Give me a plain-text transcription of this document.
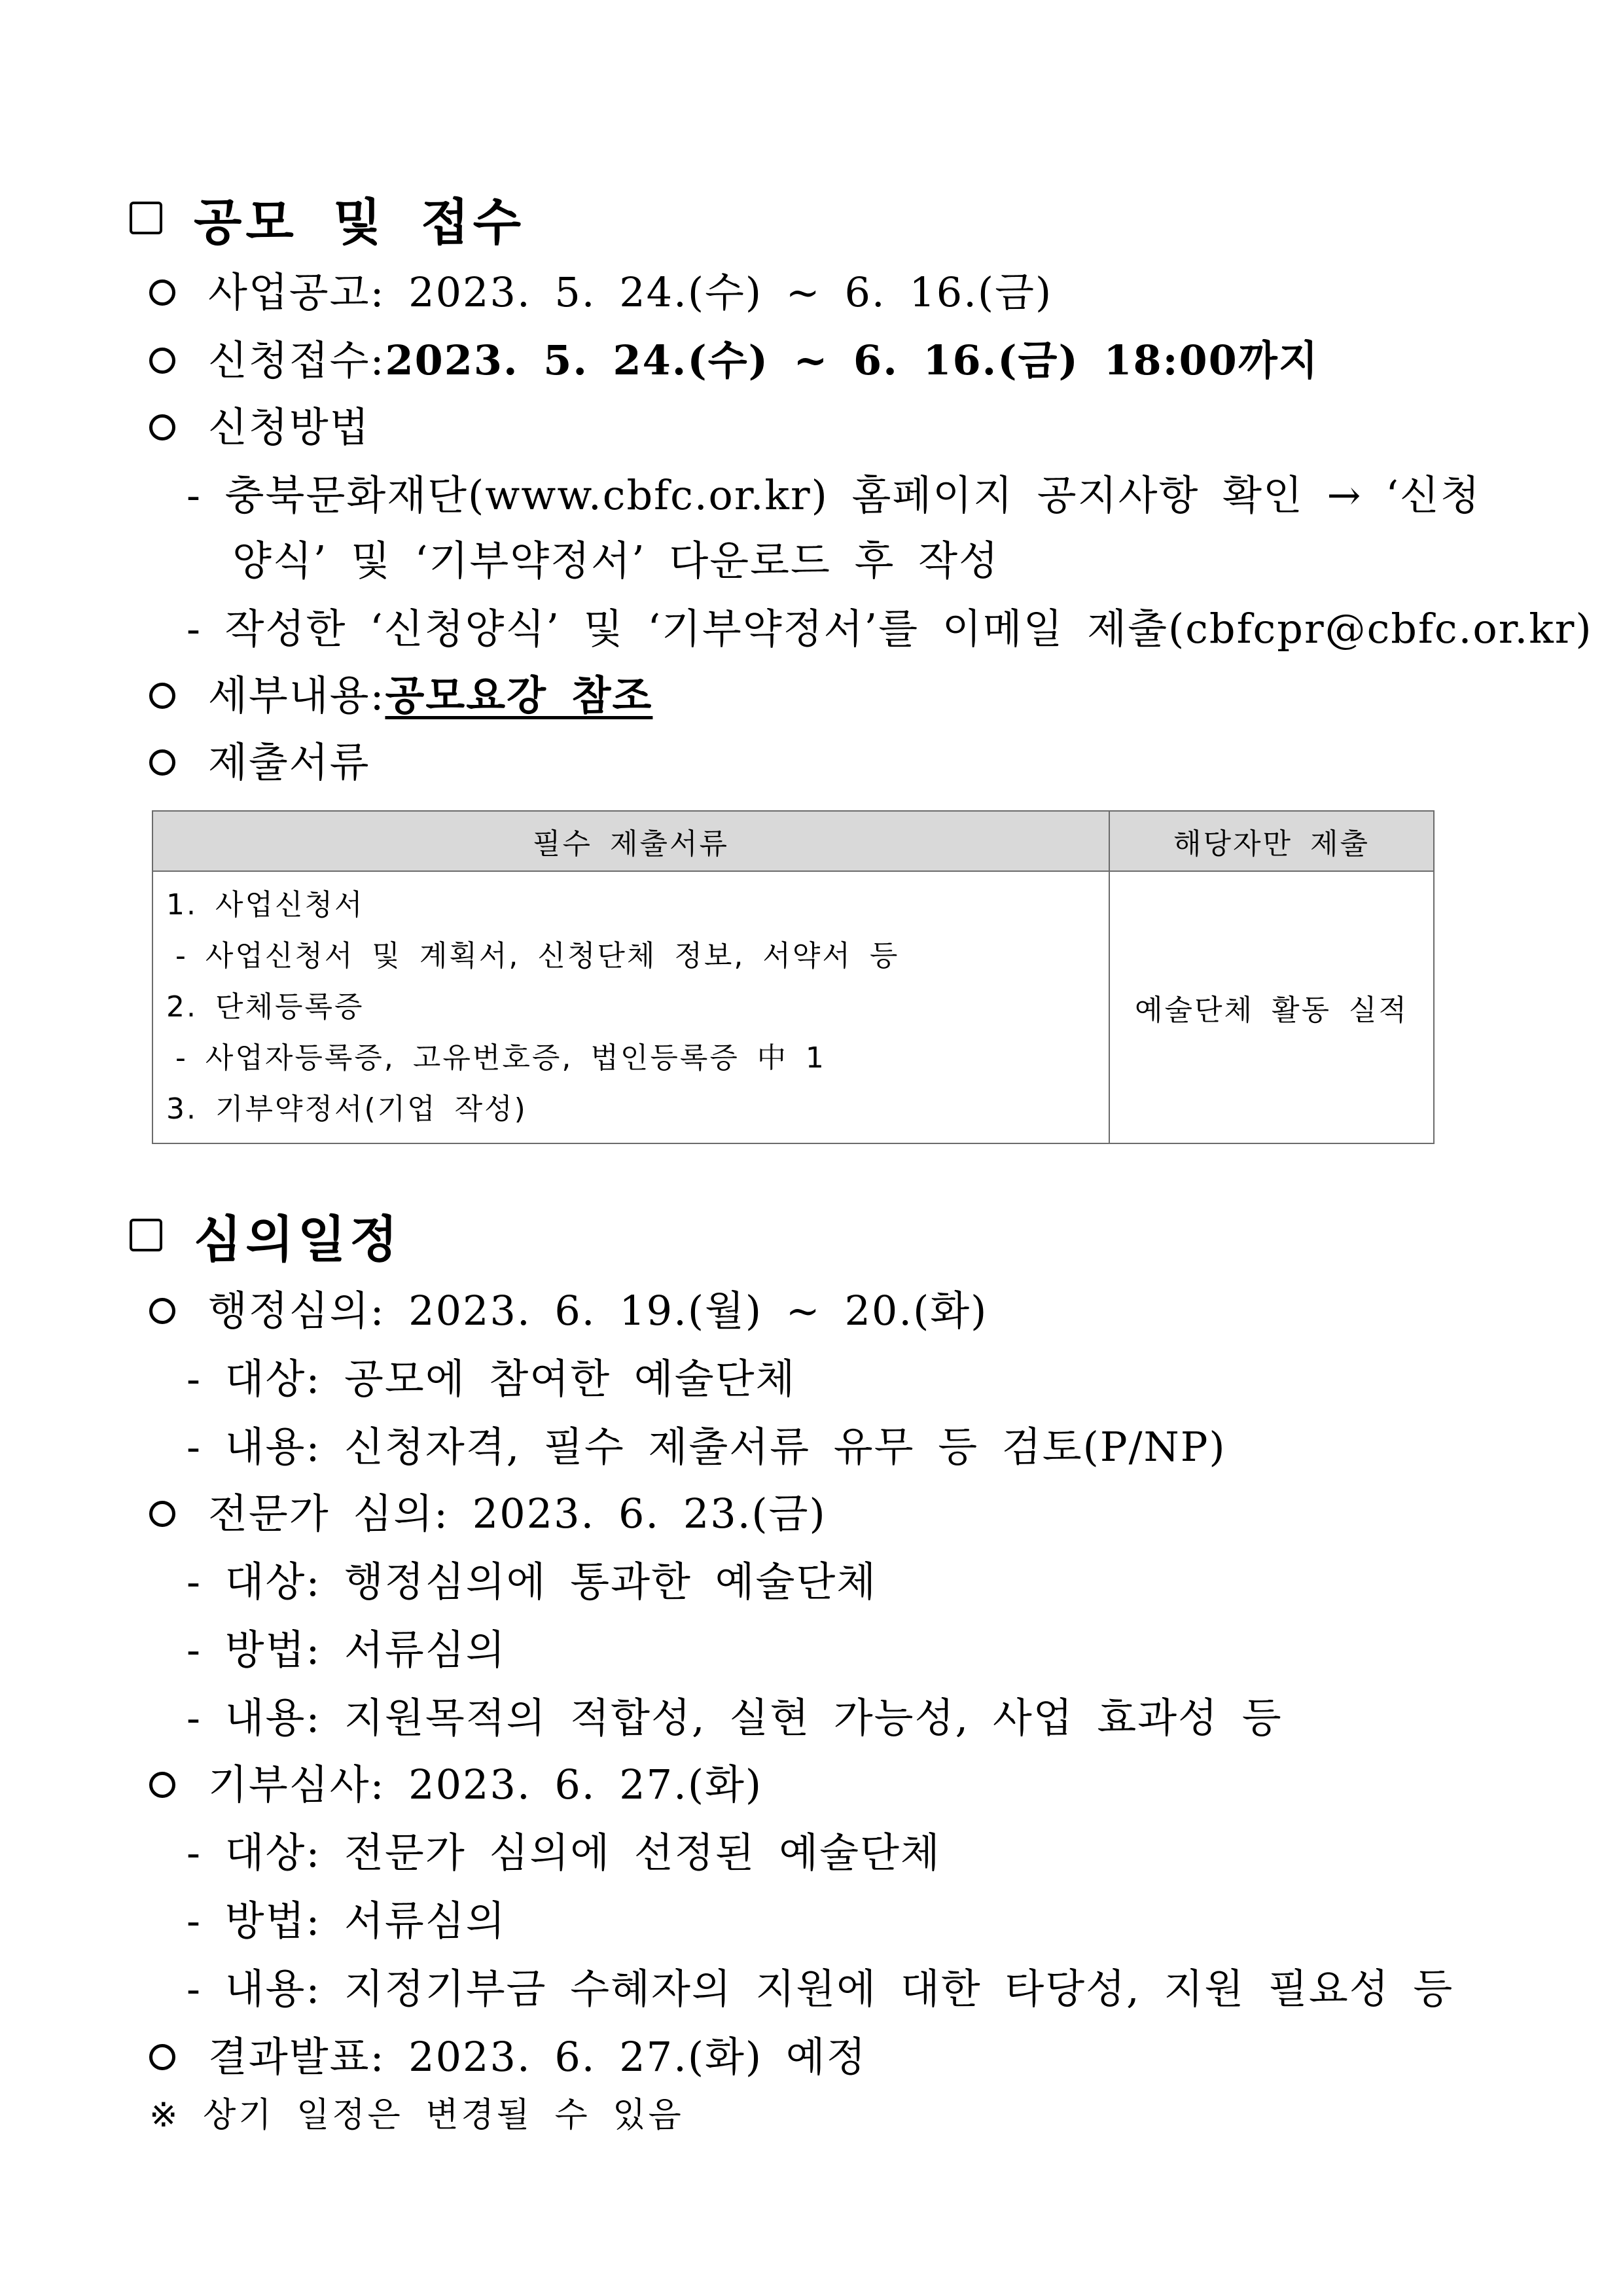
공모 및 접수
사업공고: 2023. 5. 24.(수) ~ 6. 16.(금)
신청접수: 2023. 5. 24.(수) ~ 6. 16.(금) 18:00까지
신청방법
- 충북문화재단(www.cbfc.or.kr) 홈페이지 공지사항 확인 → ‘신청
양식’ 및 ‘기부약정서’ 다운로드 후 작성
- 작성한 ‘신청양식’ 및 ‘기부약정서’를 이메일 제출(cbfcpr@cbfc.or.kr)
세부내용: 공모요강 참조
제출서류
필수 제출서류	해당자만 제출

1. 사업신청서
- 사업신청서 및 계획서, 신청단체 정보, 서약서 등
2. 단체등록증
- 사업자등록증, 고유번호증, 법인등록증 中 1
3. 기부약정서(기업 작성)	예술단체 활동 실적
심의일정
행정심의: 2023. 6. 19.(월) ~ 20.(화)
- 대상: 공모에 참여한 예술단체
- 내용: 신청자격, 필수 제출서류 유무 등 검토(P/NP)
전문가 심의: 2023. 6. 23.(금)
- 대상: 행정심의에 통과한 예술단체
- 방법: 서류심의
- 내용: 지원목적의 적합성, 실현 가능성, 사업 효과성 등
기부심사: 2023. 6. 27.(화)
- 대상: 전문가 심의에 선정된 예술단체
- 방법: 서류심의
- 내용: 지정기부금 수혜자의 지원에 대한 타당성, 지원 필요성 등
결과발표: 2023. 6. 27.(화) 예정
※ 상기 일정은 변경될 수 있음
